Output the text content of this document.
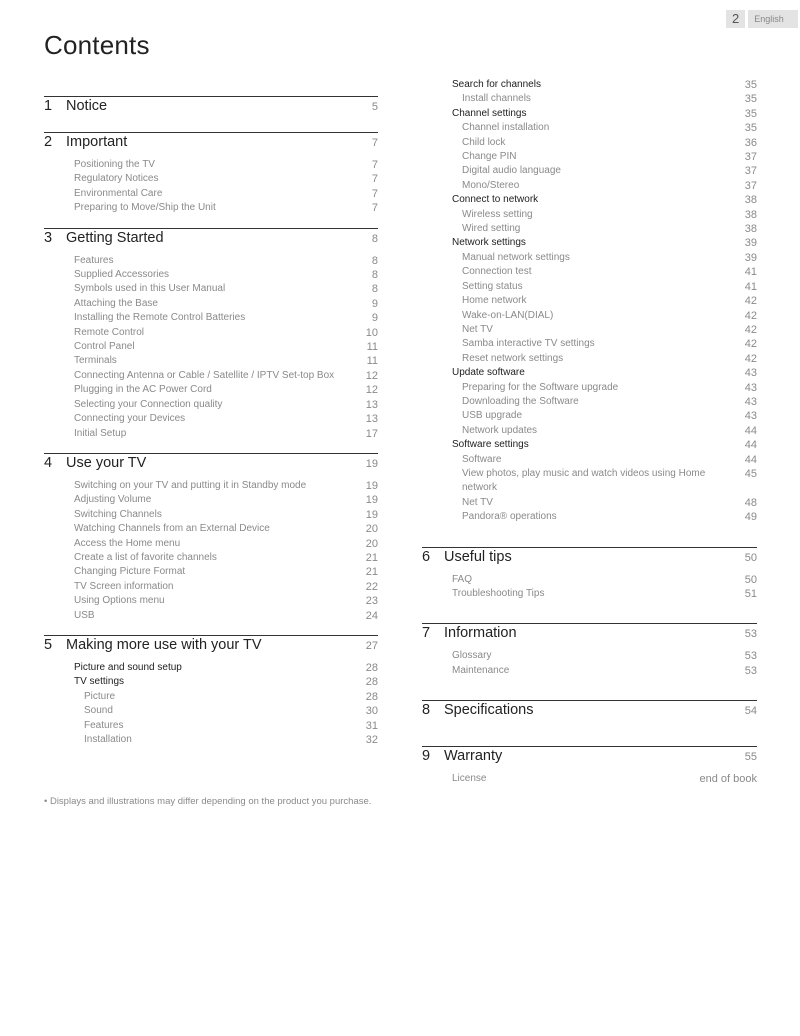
2	English
Contents
1 Notice	5
2 Important	7
Positioning the TV	7
Regulatory Notices	7
Environmental Care	7
Preparing to Move/Ship the Unit	7
3 Getting Started	8
Features	8
Supplied Accessories	8
Symbols used in this User Manual	8
Attaching the Base	9
Installing the Remote Control Batteries	9
Remote Control	10
Control Panel	11
Terminals	11
Connecting Antenna or Cable / Satellite / IPTV Set-top Box	12
Plugging in the AC Power Cord	12
Selecting your Connection quality	13
Connecting your Devices	13
Initial Setup	17
4 Use your TV	19
Switching on your TV and putting it in Standby mode	19
Adjusting Volume	19
Switching Channels	19
Watching Channels from an External Device	20
Access the Home menu	20
Create a list of favorite channels	21
Changing Picture Format	21
TV Screen information	22
Using Options menu	23
USB	24
5 Making more use with your TV	27
Picture and sound setup	28
TV settings	28
Picture	28
Sound	30
Features	31
Installation	32
Search for channels	35
Install channels	35
Channel settings	35
Channel installation	35
Child lock	36
Change PIN	37
Digital audio language	37
Mono/Stereo	37
Connect to network	38
Wireless setting	38
Wired setting	38
Network settings	39
Manual network settings	39
Connection test	41
Setting status	41
Home network	42
Wake-on-LAN(DIAL)	42
Net TV	42
Samba interactive TV settings	42
Reset network settings	42
Update software	43
Preparing for the Software upgrade	43
Downloading the Software	43
USB upgrade	43
Network updates	44
Software settings	44
Software	44
View photos, play music and watch videos using Home network
45
Net TV	48
Pandora® operations	49
6 Useful tips	50
FAQ	50
Troubleshooting Tips	51
7 Information	53
Glossary	53
Maintenance	53
8 Specifications	54
9 Warranty	55
License	end of book
• Displays and illustrations may differ depending on the product you purchase.
